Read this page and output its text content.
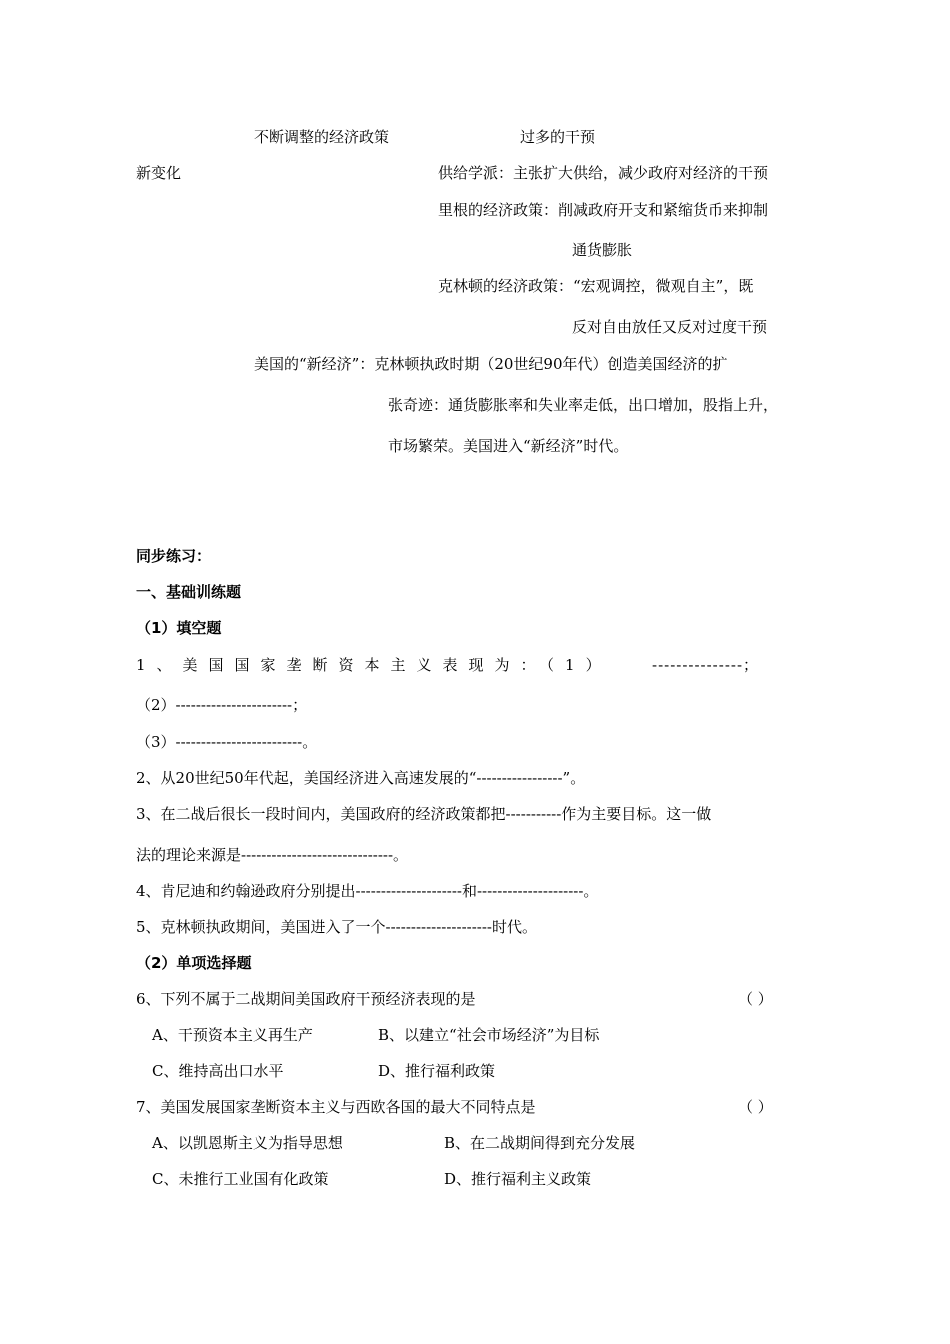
不断调整的经济政策	过多的干预
新变化	供给学派：主张扩大供给，减少政府对经济的干预
里根的经济政策：削减政府开支和紧缩货币来抑制
通货膨胀
克林顿的经济政策：“宏观调控，微观自主”，既
反对自由放任又反对过度干预
美国的“新经济”：克林顿执政时期（20世纪90年代）创造美国经济的扩
张奇迹：通货膨胀率和失业率走低，出口增加，股指上升，
市场繁荣。美国进入“新经济”时代。
同步练习：
一、基础训练题
（1）填空题
1、美国国家垄断资本主义表现为：（1）	---------------；
（2）-----------------------；
（3）-------------------------。
2、从20世纪50年代起，美国经济进入高速发展的“-----------------”。
3、在二战后很长一段时间内，美国政府的经济政策都把-----------作为主要目标。这一做
法的理论来源是------------------------------。
4、肯尼迪和约翰逊政府分别提出---------------------和---------------------。
5、克林顿执政期间，美国进入了一个---------------------时代。
（2）单项选择题
6、下列不属于二战期间美国政府干预经济表现的是	（ ）
A、干预资本主义再生产	B、以建立“社会市场经济”为目标
C、维持高出口水平	D、推行福利政策
7、美国发展国家垄断资本主义与西欧各国的最大不同特点是	（ ）
A、以凯恩斯主义为指导思想	B、在二战期间得到充分发展
C、未推行工业国有化政策	D、推行福利主义政策
